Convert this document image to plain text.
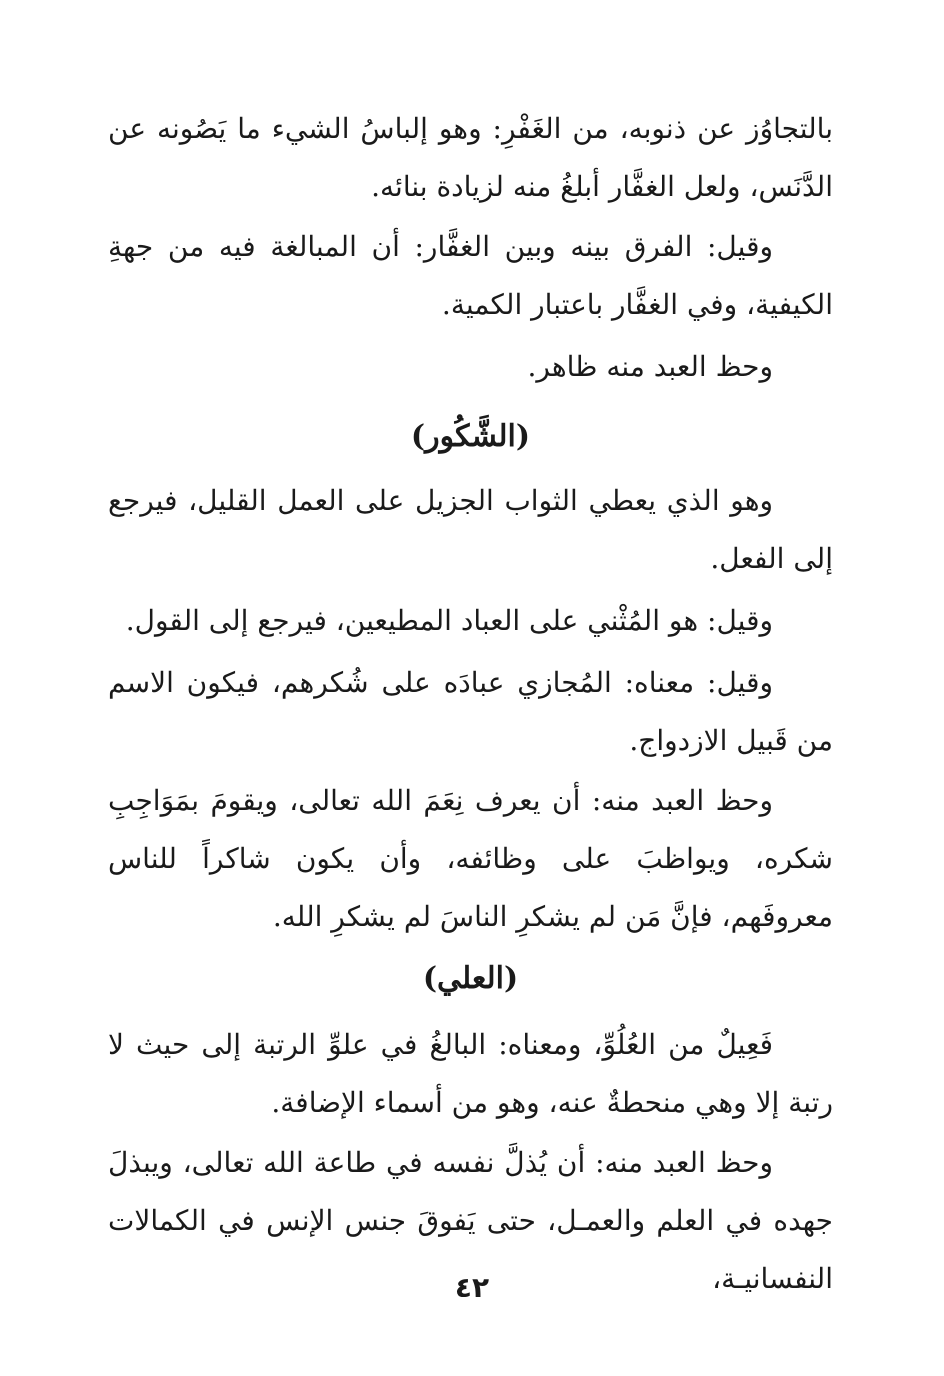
بالتجاوُز عن ذنوبه، من الغَفْرِ: وهو إلباسُ الشيء ما يَصُونه عن الدَّنَس، ولعل الغفَّار أبلغُ منه لزيادة بنائه.

وقيل: الفرق بينه وبين الغفَّار: أن المبالغة فيه من جهةِ الكيفية، وفي الغفَّار باعتبار الكمية.

وحظ العبد منه ظاهر.

(الشَّكُور)

وهو الذي يعطي الثواب الجزيل على العمل القليل، فيرجع إلى الفعل.

وقيل: هو المُثْني على العباد المطيعين، فيرجع إلى القول.

وقيل: معناه: المُجازي عبادَه على شُكرهم، فيكون الاسم من قَبيل الازدواج.

وحظ العبد منه: أن يعرف نِعَمَ الله تعالى، ويقومَ بمَوَاجِبِ شكره، ويواظبَ على وظائفه، وأن يكون شاكراً للناس معروفَهم، فإنَّ مَن لم يشكرِ الناسَ لم يشكرِ الله.

(العلي)

فَعِيلٌ من العُلُوِّ، ومعناه: البالغُ في علوِّ الرتبة إلى حيث لا رتبة إلا وهي منحطةٌ عنه، وهو من أسماء الإضافة.

وحظ العبد منه: أن يُذلَّ نفسه في طاعة الله تعالى، ويبذلَ جهده في العلم والعمـل، حتى يَفوقَ جنس الإنس في الكمالات النفسانيـة،

٤٢
